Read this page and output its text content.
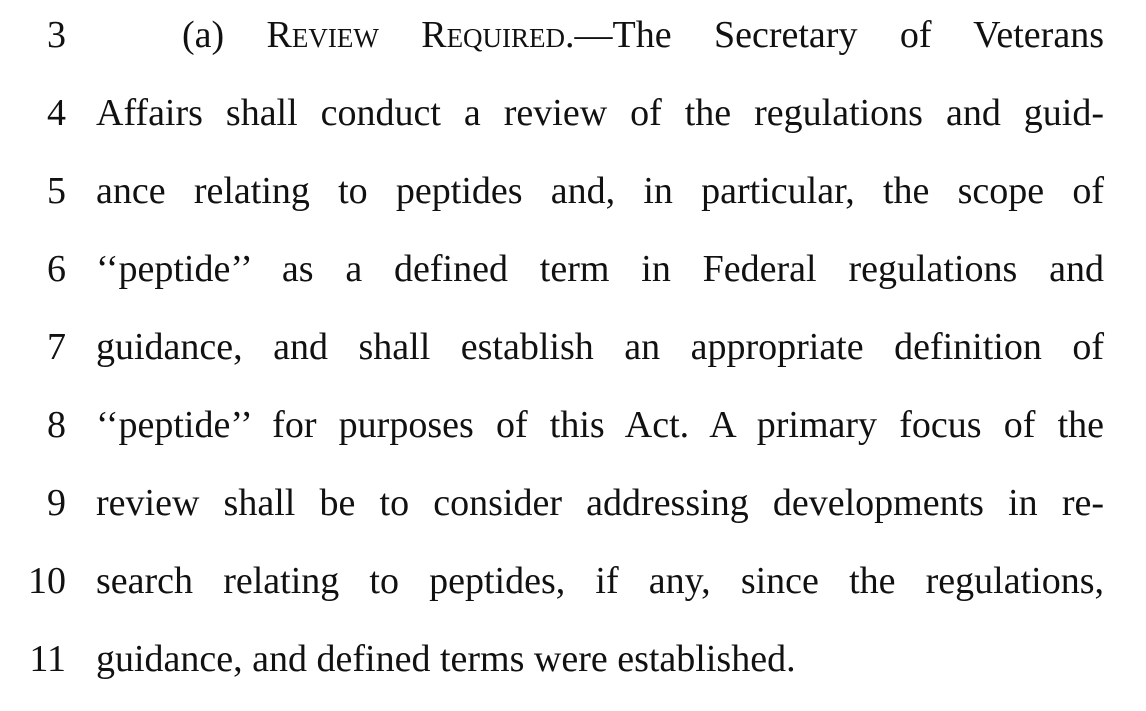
3	(a) Review Required.—The Secretary of Veterans
4 Affairs shall conduct a review of the regulations and guid-
5 ance relating to peptides and, in particular, the scope of
6 ‘‘peptide’’ as a defined term in Federal regulations and
7 guidance, and shall establish an appropriate definition of
8 ‘‘peptide’’ for purposes of this Act. A primary focus of the
9 review shall be to consider addressing developments in re-
10 search relating to peptides, if any, since the regulations,
11 guidance, and defined terms were established.
